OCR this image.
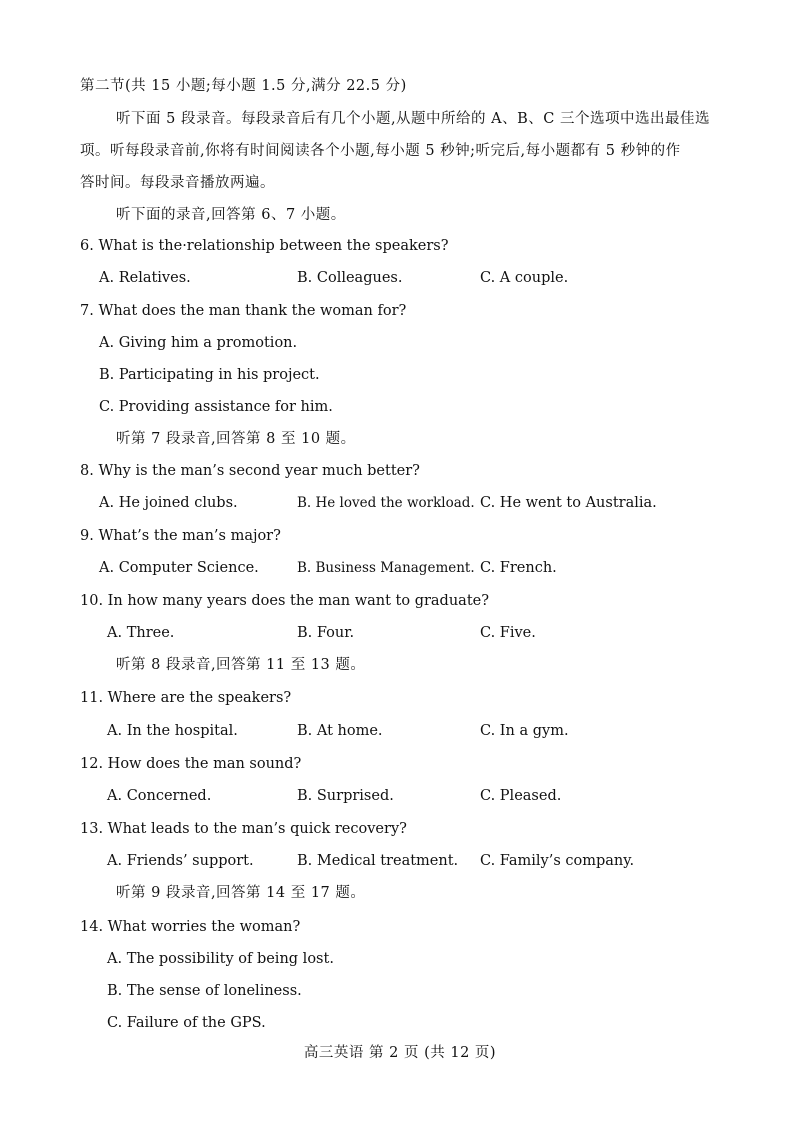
第二节(共 15 小题;每小题 1.5 分,满分 22.5 分)
听下面 5 段录音。每段录音后有几个小题,从题中所给的 A、B、C 三个选项中选出最佳选
项。听每段录音前,你将有时间阅读各个小题,每小题 5 秒钟;听完后,每小题都有 5 秒钟的作
答时间。每段录音播放两遍。
听下面的录音,回答第 6、7 小题。
6. What is the·relationship between the speakers?
A. Relatives.	B. Colleagues.	C. A couple.
7. What does the man thank the woman for?
A. Giving him a promotion.
B. Participating in his project.
C. Providing assistance for him.
听第 7 段录音,回答第 8 至 10 题。
8. Why is the man’s second year much better?
A. He joined clubs.	B. He loved the workload. C. He went to Australia.
9. What’s the man’s major?
A. Computer Science.	B. Business Management. C. French.
10. In how many years does the man want to graduate?
A. Three.	B. Four.	C. Five.
听第 8 段录音,回答第 11 至 13 题。
11. Where are the speakers?
A. In the hospital.	B. At home.	C. In a gym.
12. How does the man sound?
A. Concerned.	B. Surprised.	C. Pleased.
13. What leads to the man’s quick recovery?
A. Friends’ support.	B. Medical treatment. C. Family’s company.
听第 9 段录音,回答第 14 至 17 题。
14. What worries the woman?
A. The possibility of being lost.
B. The sense of loneliness.
C. Failure of the GPS.
高三英语 第 2 页 (共 12 页)
